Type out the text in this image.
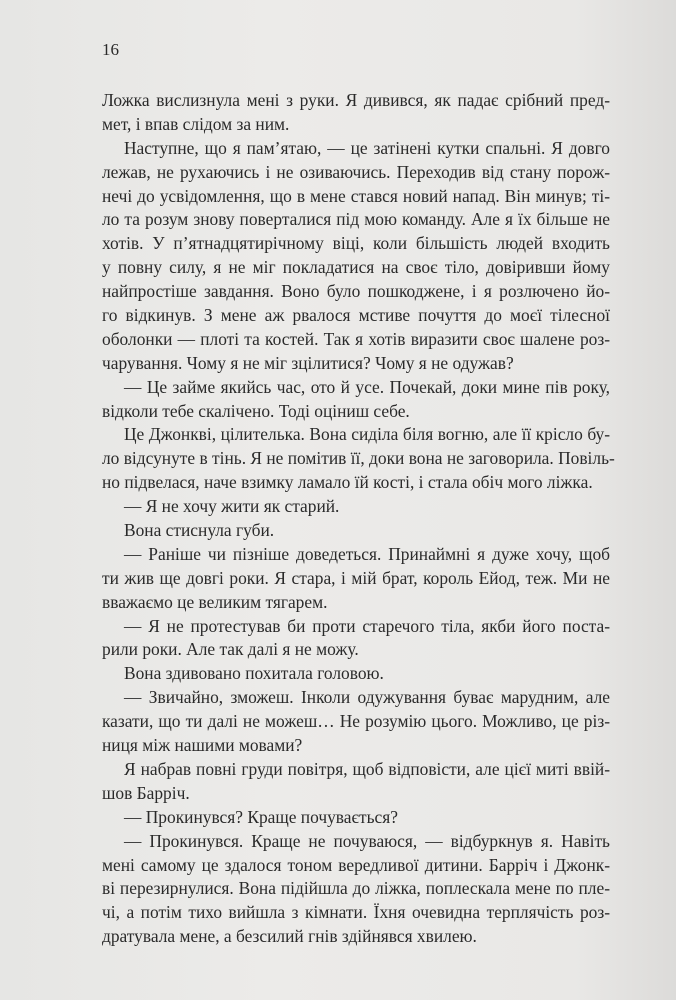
16
Ложка вислизнула мені з руки. Я дивився, як падає срібний пред-
мет, і впав слідом за ним.
Наступне, що я пам’ятаю, — це затінені кутки спальні. Я довго
лежав, не рухаючись і не озиваючись. Переходив від стану порож-
нечі до усвідомлення, що в мене стався новий напад. Він минув; ті-
ло та розум знову поверталися під мою команду. Але я їх більше не
хотів. У п’ятнадцятирічному віці, коли більшість людей входить
у повну силу, я не міг покладатися на своє тіло, довіривши йому
найпростіше завдання. Воно було пошкоджене, і я розлючено йо-
го відкинув. З мене аж рвалося мстиве почуття до моєї тілесної
оболонки — плоті та костей. Так я хотів виразити своє шалене роз-
чарування. Чому я не міг зцілитися? Чому я не одужав?
— Це займе якийсь час, ото й усе. Почекай, доки мине пів року,
відколи тебе скалічено. Тоді оціниш себе.
Це Джонкві, цілителька. Вона сиділа біля вогню, але її крісло бу-
ло відсунуте в тінь. Я не помітив її, доки вона не заговорила. Повіль-
но підвелася, наче взимку ламало їй кості, і стала обіч мого ліжка.
— Я не хочу жити як старий.
Вона стиснула губи.
— Раніше чи пізніше доведеться. Принаймні я дуже хочу, щоб
ти жив ще довгі роки. Я стара, і мій брат, король Ейод, теж. Ми не
вважаємо це великим тягарем.
— Я не протестував би проти старечого тіла, якби його поста-
рили роки. Але так далі я не можу.
Вона здивовано похитала головою.
— Звичайно, зможеш. Інколи одужування буває марудним, але
казати, що ти далі не можеш… Не розумію цього. Можливо, це різ-
ниця між нашими мовами?
Я набрав повні груди повітря, щоб відповісти, але цієї миті ввій-
шов Барріч.
— Прокинувся? Краще почувається?
— Прокинувся. Краще не почуваюся, — відбуркнув я. Навіть
мені самому це здалося тоном вередливої дитини. Барріч і Джонк-
ві перезирнулися. Вона підійшла до ліжка, поплескала мене по пле-
чі, а потім тихо вийшла з кімнати. Їхня очевидна терплячість роз-
дратувала мене, а безсилий гнів здійнявся хвилею.
